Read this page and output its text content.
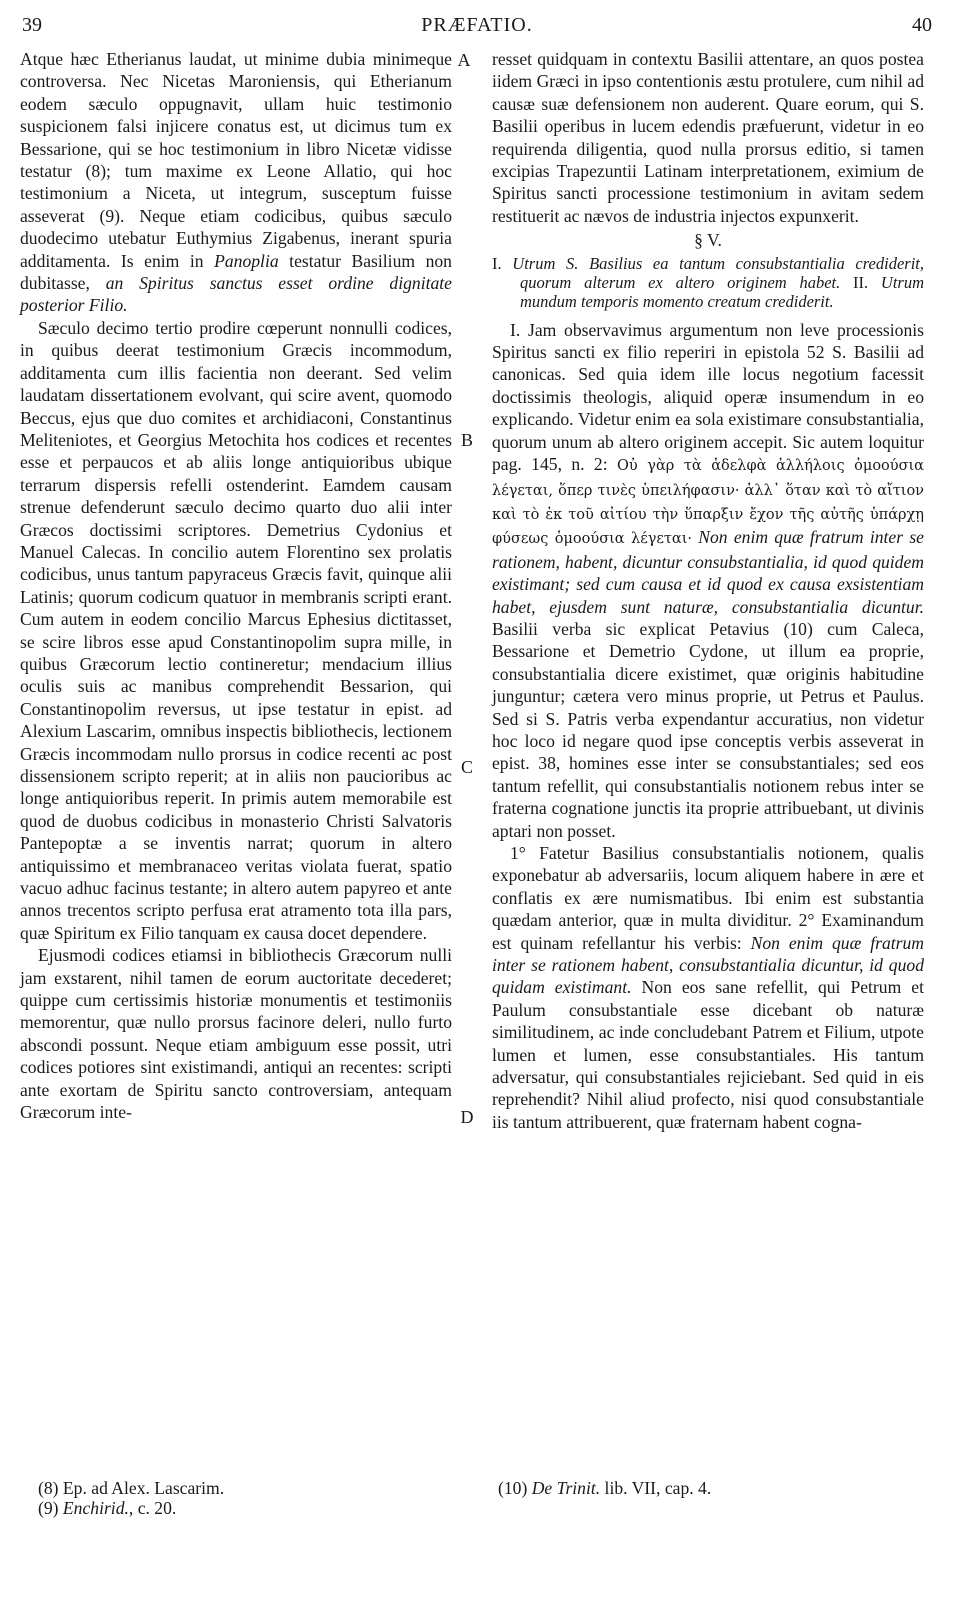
39	PRÆFATIO.	40

Atque hæc Etherianus laudat, ut minime dubia minimeque controversa. Nec Nicetas Maroniensis, qui Etherianum eodem sæculo oppugnavit, ullam huic testimonio suspicionem falsi injicere conatus est, ut dicimus tum ex Bessarione, qui se hoc testimonium in libro Nicetæ vidisse testatur (8); tum maxime ex Leone Allatio, qui hoc testimonium a Niceta, ut integrum, susceptum fuisse asseverat (9). Neque etiam codicibus, quibus sæculo duodecimo utebatur Euthymius Zigabenus, inerant spuria additamenta. Is enim in Panoplia testatur Basilium non dubitasse, an Spiritus sanctus esset ordine dignitate posterior Filio.

Sæculo decimo tertio prodire cœperunt nonnulli codices, in quibus deerat testimonium Græcis incommodum, additamenta cum illis facientia non deerant. Sed velim laudatam dissertationem evolvant, qui scire avent, quomodo Beccus, ejus que duo comites et archidiaconi, Constantinus Meliteniotes, et Georgius Metochita hos codices et recentes esse et perpaucos et ab aliis longe antiquioribus ubique terrarum dispersis refelli ostenderint. Eamdem causam strenue defenderunt sæculo decimo quarto duo alii inter Græcos doctissimi scriptores. Demetrius Cydonius et Manuel Calecas. In concilio autem Florentino sex prolatis codicibus, unus tantum papyraceus Græcis favit, quinque alii Latinis; quorum codicum quatuor in membranis scripti erant. Cum autem in eodem concilio Marcus Ephesius dictitasset, se scire libros esse apud Constantinopolim supra mille, in quibus Græcorum lectio contineretur; mendacium illius oculis suis ac manibus comprehendit Bessarion, qui Constantinopolim reversus, ut ipse testatur in epist. ad Alexium Lascarim, omnibus inspectis bibliothecis, lectionem Græcis incommodam nullo prorsus in codice recenti ac post dissensionem scripto reperit; at in aliis non paucioribus ac longe antiquioribus reperit. In primis autem memorabile est quod de duobus codicibus in monasterio Christi Salvatoris Pantepoptæ a se inventis narrat; quorum in altero antiquissimo et membranaceo veritas violata fuerat, spatio vacuo adhuc facinus testante; in altero autem papyreo et ante annos trecentos scripto perfusa erat atramento tota illa pars, quæ Spiritum ex Filio tanquam ex causa docet dependere.

Ejusmodi codices etiamsi in bibliothecis Græcorum nulli jam exstarent, nihil tamen de eorum auctoritate decederet; quippe cum certissimis historiæ monumentis et testimoniis memorentur, quæ nullo prorsus facinore deleri, nullo furto abscondi possunt. Neque etiam ambiguum esse possit, utri codices potiores sint existimandi, antiqui an recentes: scripti ante exortam de Spiritu sancto controversiam, antequam Græcorum inte-

A
B
C
D

resset quidquam in contextu Basilii attentare, an quos postea iidem Græci in ipso contentionis æstu protulere, cum nihil ad causæ suæ defensionem non auderent. Quare eorum, qui S. Basilii operibus in lucem edendis præfuerunt, videtur in eo requirenda diligentia, quod nulla prorsus editio, si tamen excipias Trapezuntii Latinam interpretationem, eximium de Spiritus sancti processione testimonium in avitam sedem restituerit ac nævos de industria injectos expunxerit.

§ V.
I. Utrum S. Basilius ea tantum consubstantialia crediderit, quorum alterum ex altero originem habet. II. Utrum mundum temporis momento creatum crediderit.

I. Jam observavimus argumentum non leve processionis Spiritus sancti ex filio reperiri in epistola 52 S. Basilii ad canonicas. Sed quia idem ille locus negotium facessit doctissimis theologis, aliquid operæ insumendum in eo explicando. Videtur enim ea sola existimare consubstantialia, quorum unum ab altero originem accepit. Sic autem loquitur pag. 145, n. 2: Οὐ γὰρ τὰ ἀδελφὰ ἀλλήλοις ὁμοούσια λέγεται, ὅπερ τινὲς ὑπειλήφασιν· ἀλλ᾽ ὅταν καὶ τὸ αἴτιον καὶ τὸ ἐκ τοῦ αἰτίου τὴν ὕπαρξιν ἔχον τῆς αὐτῆς ὑπάρχῃ φύσεως ὁμοούσια λέγεται· Non enim quæ fratrum inter se rationem, habent, dicuntur consubstantialia, id quod quidem existimant; sed cum causa et id quod ex causa exsistentiam habet, ejusdem sunt naturæ, consubstantialia dicuntur. Basilii verba sic explicat Petavius (10) cum Caleca, Bessarione et Demetrio Cydone, ut illum ea proprie, consubstantialia dicere existimet, quæ originis habitudine junguntur; cætera vero minus proprie, ut Petrus et Paulus. Sed si S. Patris verba expendantur accuratius, non videtur hoc loco id negare quod ipse conceptis verbis asseverat in epist. 38, homines esse inter se consubstantiales; sed eos tantum refellit, qui consubstantialis notionem rebus inter se fraterna cognatione junctis ita proprie attribuebant, ut divinis aptari non posset.

1° Fatetur Basilius consubstantialis notionem, qualis exponebatur ab adversariis, locum aliquem habere in ære et conflatis ex ære numismatibus. Ibi enim est substantia quædam anterior, quæ in multa dividitur. 2° Examinandum est quinam refellantur his verbis: Non enim quæ fratrum inter se rationem habent, consubstantialia dicuntur, id quod quidam existimant. Non eos sane refellit, qui Petrum et Paulum consubstantiale esse dicebant ob naturæ similitudinem, ac inde concludebant Patrem et Filium, utpote lumen et lumen, esse consubstantiales. His tantum adversatur, qui consubstantiales rejiciebant. Sed quid in eis reprehendit? Nihil aliud profecto, nisi quod consubstantiale iis tantum attribuerent, quæ fraternam habent cogna-

(8) Ep. ad Alex. Lascarim.
(9) Enchirid., c. 20.
(10) De Trinit. lib. VII, cap. 4.
